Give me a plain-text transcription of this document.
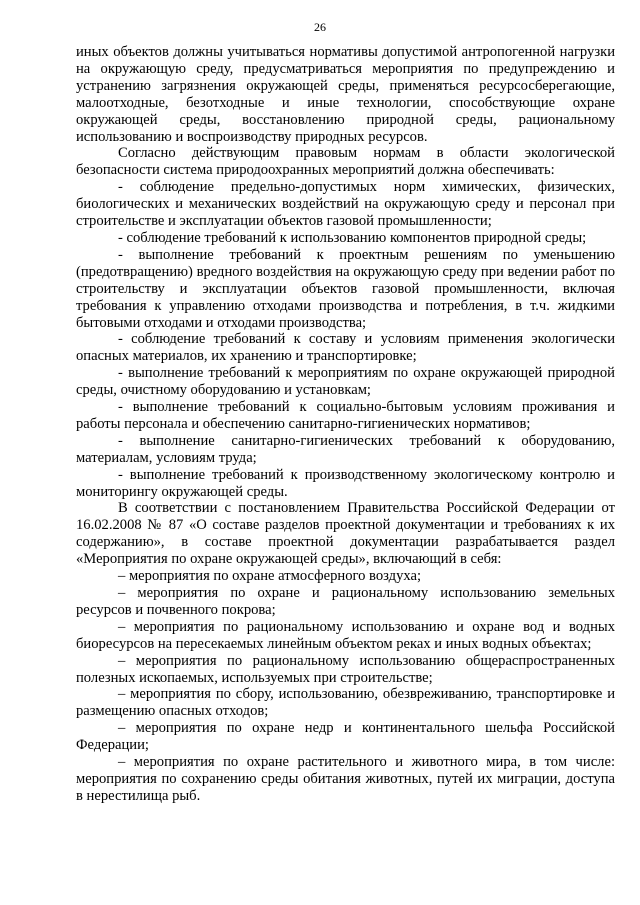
26

иных объектов должны учитываться нормативы допустимой антропогенной нагрузки на окружающую среду, предусматриваться мероприятия по предупреждению и устранению загрязнения окружающей среды, применяться ресурсосберегающие, малоотходные, безотходные и иные технологии, способствующие охране окружающей среды, восстановлению природной среды, рациональному использованию и воспроизводству природных ресурсов.

Согласно действующим правовым нормам в области экологической безопасности система природоохранных мероприятий должна обеспечивать:

- соблюдение предельно-допустимых норм химических, физических, биологических и механических воздействий на окружающую среду и персонал при строительстве и эксплуатации объектов газовой промышленности;

- соблюдение требований к использованию компонентов природной среды;

- выполнение требований к проектным решениям по уменьшению (предотвращению) вредного воздействия на окружающую среду при ведении работ по строительству и эксплуатации объектов газовой промышленности, включая требования к управлению отходами производства и потребления, в т.ч. жидкими бытовыми отходами и отходами производства;

- соблюдение требований к составу и условиям применения экологически опасных материалов, их хранению и транспортировке;

- выполнение требований к мероприятиям по охране окружающей природной среды, очистному оборудованию и установкам;

- выполнение требований к социально-бытовым условиям проживания и работы персонала и обеспечению санитарно-гигиенических нормативов;

- выполнение санитарно-гигиенических требований к оборудованию, материалам, условиям труда;

- выполнение требований к производственному экологическому контролю и мониторингу окружающей среды.

В соответствии с постановлением Правительства Российской Федерации от 16.02.2008 № 87 «О составе разделов проектной документации и требованиях к их содержанию», в составе проектной документации разрабатывается раздел «Мероприятия по охране окружающей среды», включающий в себя:

– мероприятия по охране атмосферного воздуха;

– мероприятия по охране и рациональному использованию земельных ресурсов и почвенного покрова;

– мероприятия по рациональному использованию и охране вод и водных биоресурсов на пересекаемых линейным объектом реках и иных водных объектах;

– мероприятия по рациональному использованию общераспространенных полезных ископаемых, используемых при строительстве;

– мероприятия по сбору, использованию, обезвреживанию, транспортировке и размещению опасных отходов;

– мероприятия по охране недр и континентального шельфа Российской Федерации;

– мероприятия по охране растительного и животного мира, в том числе: мероприятия по сохранению среды обитания животных, путей их миграции, доступа в нерестилища рыб.
